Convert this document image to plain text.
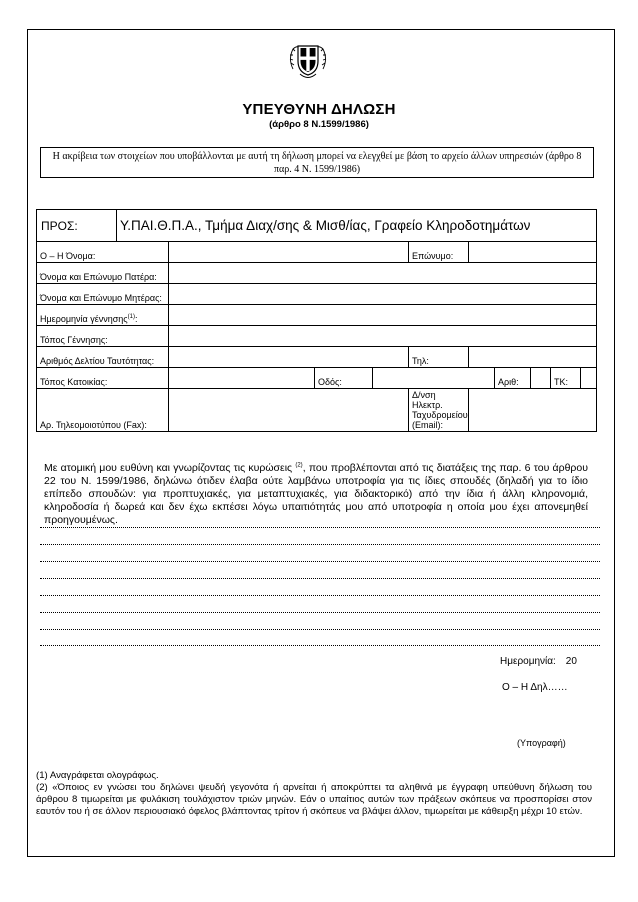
ΥΠΕΥΘΥΝΗ ΔΗΛΩΣΗ
(άρθρο 8 Ν.1599/1986)
Η ακρίβεια των στοιχείων που υποβάλλονται με αυτή τη δήλωση μπορεί να ελεγχθεί με βάση το αρχείο άλλων υπηρεσιών (άρθρο 8 παρ. 4 Ν. 1599/1986)
ΠΡΟΣ:	Υ.ΠΑΙ.Θ.Π.Α., Τμήμα Διαχ/σης & Μισθ/ίας, Γραφείο Κληροδοτημάτων									
Ο – Η Όνομα:					Επώνυμο:					
Όνομα και Επώνυμο Πατέρα:										
Όνομα και Επώνυμο Μητέρας:										
Ημερομηνία γέννησης$^{(1)}$:										
Τόπος Γέννησης:										
Αριθμός Δελτίου Ταυτότητας:					Τηλ:					
Τόπος Κατοικίας:			Οδός:				Αριθ:		ΤΚ:	
Αρ. Τηλεομοιοτύπου (Fax):					Δ/νση Ηλεκτρ.
Ταχυδρομείου
(Email):					

Με ατομική μου ευθύνη και γνωρίζοντας τις κυρώσεις $^{(2)}$, που προβλέπονται από τις διατάξεις της παρ. 6 του άρθρου 22 του Ν. 1599/1986, δηλώνω ότιδεν έλαβα ούτε λαμβάνω υποτροφία για τις ίδιες σπουδές (δηλαδή για το ίδιο επίπεδο σπουδών: για προπτυχιακές, για μεταπτυχιακές, για διδακτορικό) από την ίδια ή άλλη κληρονομιά, κληροδοσία ή δωρεά και δεν έχω εκπέσει λόγω υπαιτιότητάς μου από υποτροφία η οποία μου έχει απονεμηθεί προηγουμένως.
Ημερομηνία: 20
Ο – Η Δηλ……
(Υπογραφή)
(1) Αναγράφεται ολογράφως.
(2) «Όποιος εν γνώσει του δηλώνει ψευδή γεγονότα ή αρνείται ή αποκρύπτει τα αληθινά με έγγραφη υπεύθυνη δήλωση του άρθρου 8 τιμωρείται με φυλάκιση τουλάχιστον τριών μηνών. Εάν ο υπαίτιος αυτών των πράξεων σκόπευε να προσπορίσει στον εαυτόν του ή σε άλλον περιουσιακό όφελος βλάπτοντας τρίτον ή σκόπευε να βλάψει άλλον, τιμωρείται με κάθειρξη μέχρι 10 ετών.
